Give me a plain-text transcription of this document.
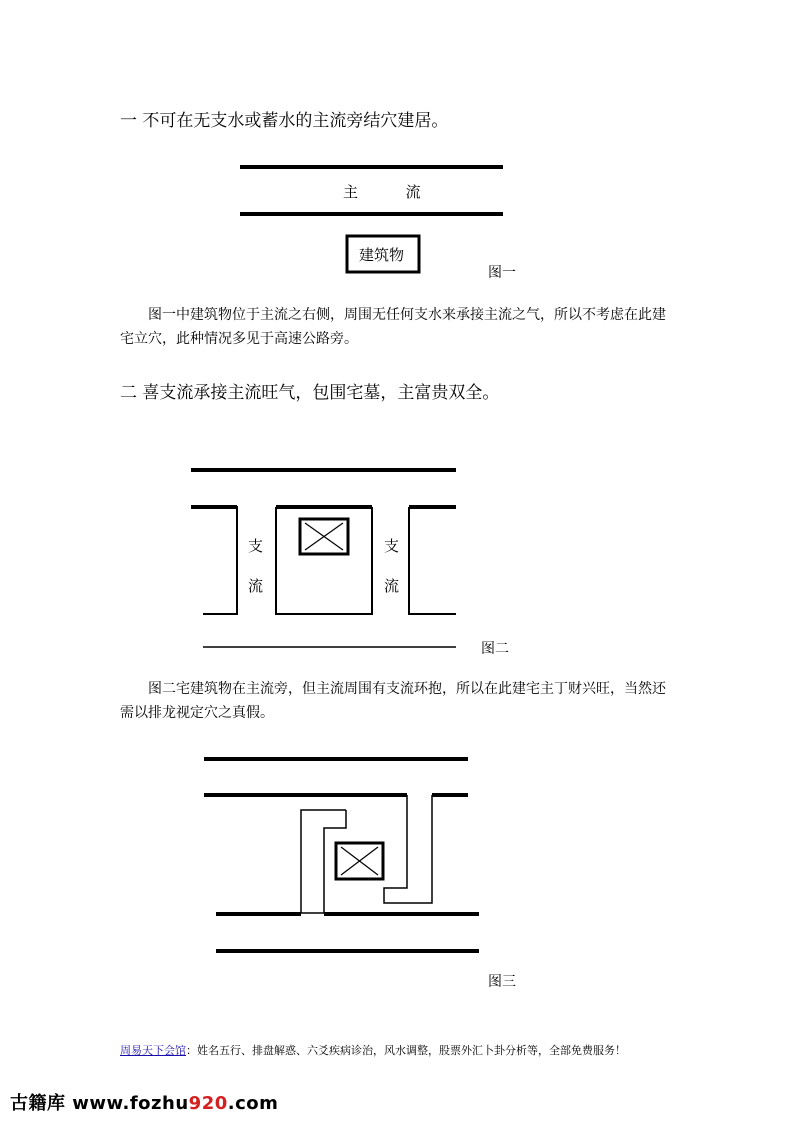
一 不可在无支水或蓄水的主流旁结穴建居。
主          流
建筑物
图一
图一中建筑物位于主流之右侧，周围无任何支水来承接主流之气，所以不考虑在此建宅立穴，此种情况多见于高速公路旁。
二 喜支流承接主流旺气，包围宅墓，主富贵双全。
支
流
支
流
图二
图二宅建筑物在主流旁，但主流周围有支流环抱，所以在此建宅主丁财兴旺，当然还需以排龙视定穴之真假。
图三
周易天下会馆：姓名五行、排盘解惑、六爻疾病诊治，风水调整，股票外汇卜卦分析等，全部免费服务！
古籍库 www.fozhu920.com
